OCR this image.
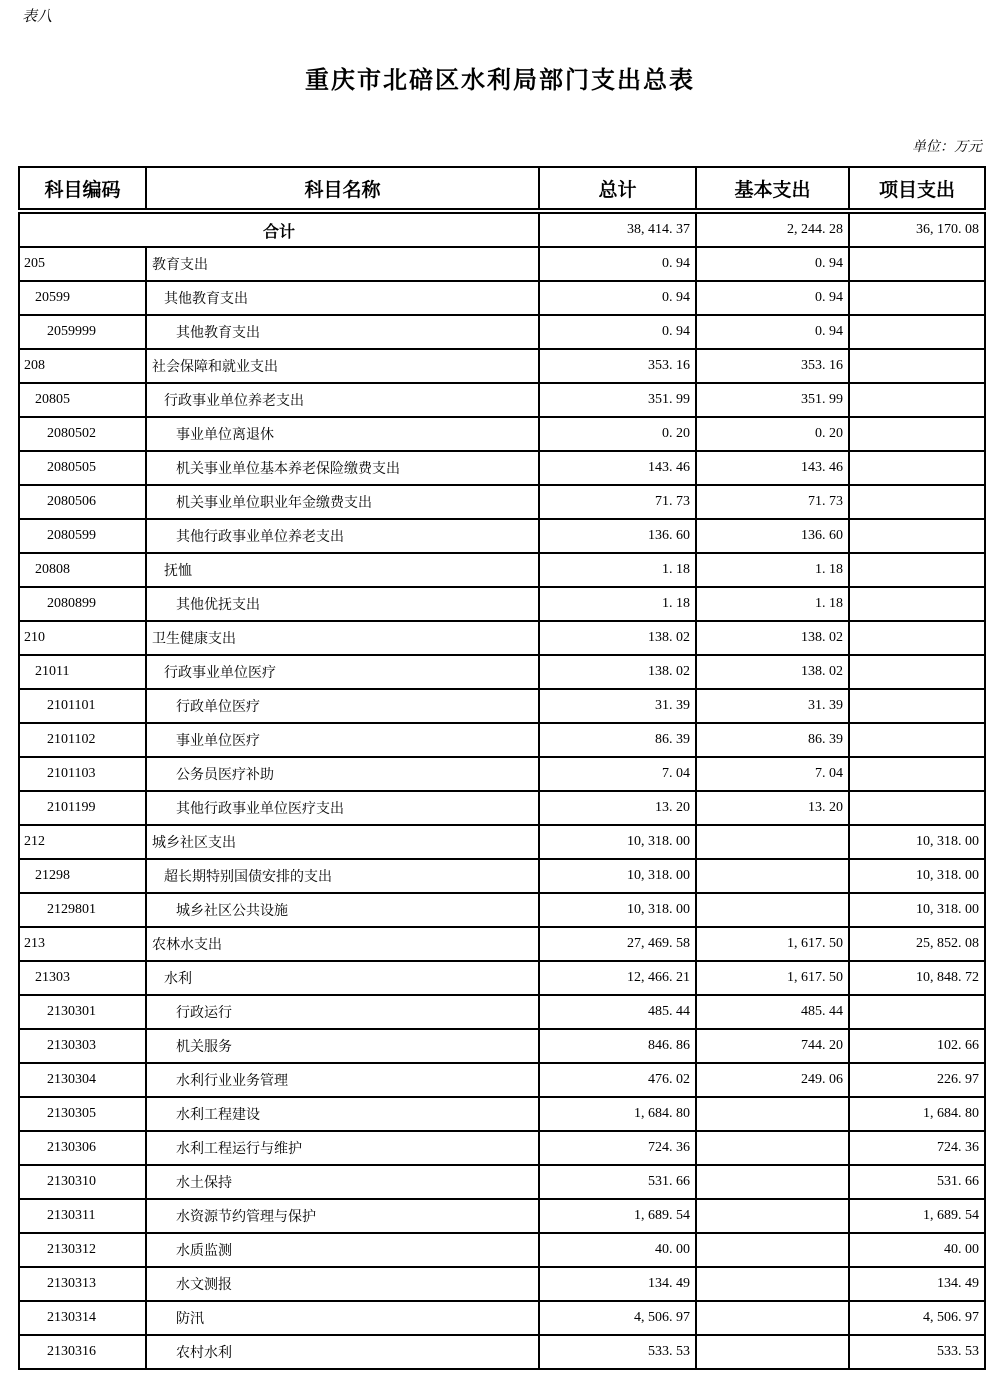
表八
重庆市北碚区水利局部门支出总表
单位：万元
科目编码	科目名称	总计	基本支出	项目支出
合计		38, 414. 37	2, 244. 28	36, 170. 08
205	教育支出	0. 94	0. 94	
20599	其他教育支出	0. 94	0. 94	
2059999	其他教育支出	0. 94	0. 94	
208	社会保障和就业支出	353. 16	353. 16	
20805	行政事业单位养老支出	351. 99	351. 99	
2080502	事业单位离退休	0. 20	0. 20	
2080505	机关事业单位基本养老保险缴费支出	143. 46	143. 46	
2080506	机关事业单位职业年金缴费支出	71. 73	71. 73	
2080599	其他行政事业单位养老支出	136. 60	136. 60	
20808	抚恤	1. 18	1. 18	
2080899	其他优抚支出	1. 18	1. 18	
210	卫生健康支出	138. 02	138. 02	
21011	行政事业单位医疗	138. 02	138. 02	
2101101	行政单位医疗	31. 39	31. 39	
2101102	事业单位医疗	86. 39	86. 39	
2101103	公务员医疗补助	7. 04	7. 04	
2101199	其他行政事业单位医疗支出	13. 20	13. 20	
212	城乡社区支出	10, 318. 00		10, 318. 00
21298	超长期特别国债安排的支出	10, 318. 00		10, 318. 00
2129801	城乡社区公共设施	10, 318. 00		10, 318. 00
213	农林水支出	27, 469. 58	1, 617. 50	25, 852. 08
21303	水利	12, 466. 21	1, 617. 50	10, 848. 72
2130301	行政运行	485. 44	485. 44	
2130303	机关服务	846. 86	744. 20	102. 66
2130304	水利行业业务管理	476. 02	249. 06	226. 97
2130305	水利工程建设	1, 684. 80		1, 684. 80
2130306	水利工程运行与维护	724. 36		724. 36
2130310	水土保持	531. 66		531. 66
2130311	水资源节约管理与保护	1, 689. 54		1, 689. 54
2130312	水质监测	40. 00		40. 00
2130313	水文测报	134. 49		134. 49
2130314	防汛	4, 506. 97		4, 506. 97
2130316	农村水利	533. 53		533. 53
